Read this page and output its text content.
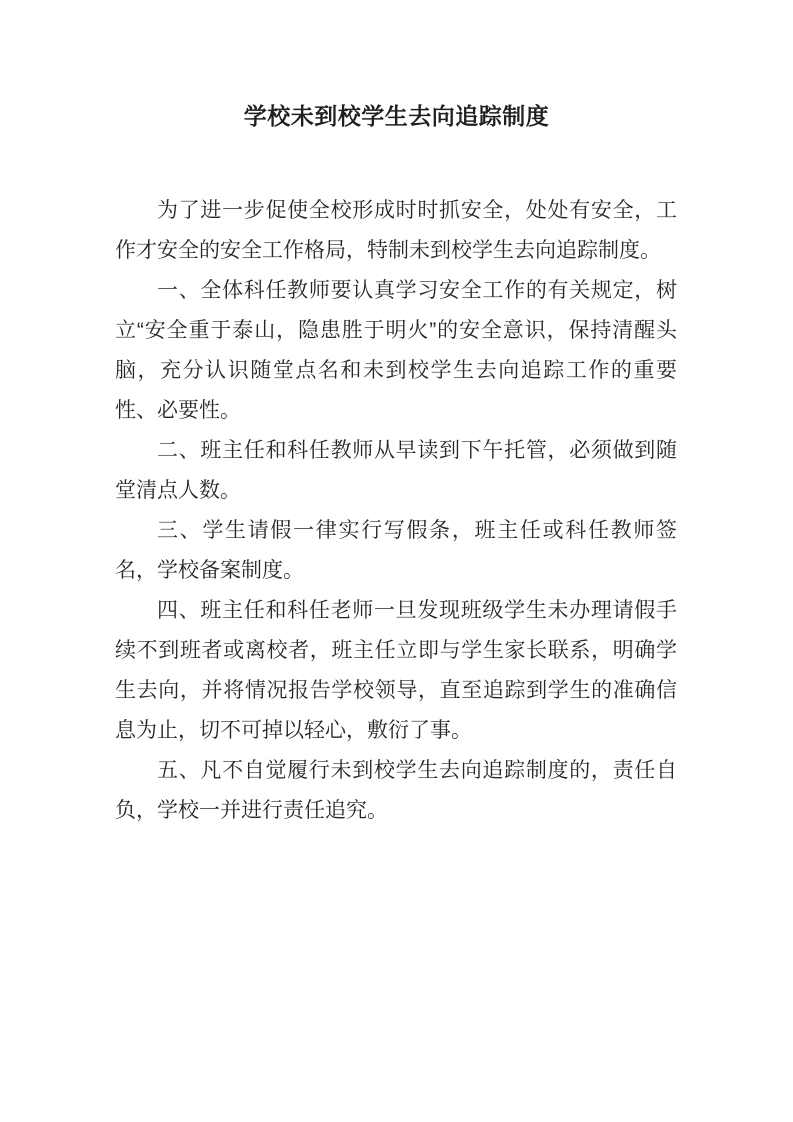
学校未到校学生去向追踪制度

为了进一步促使全校形成时时抓安全，处处有安全，工作才安全的安全工作格局，特制未到校学生去向追踪制度。

一、全体科任教师要认真学习安全工作的有关规定，树立“安全重于泰山，隐患胜于明火”的安全意识，保持清醒头脑，充分认识随堂点名和未到校学生去向追踪工作的重要性、必要性。

二、班主任和科任教师从早读到下午托管，必须做到随堂清点人数。

三、学生请假一律实行写假条，班主任或科任教师签名，学校备案制度。

四、班主任和科任老师一旦发现班级学生未办理请假手续不到班者或离校者，班主任立即与学生家长联系，明确学生去向，并将情况报告学校领导，直至追踪到学生的准确信息为止，切不可掉以轻心，敷衍了事。

五、凡不自觉履行未到校学生去向追踪制度的，责任自负，学校一并进行责任追究。
